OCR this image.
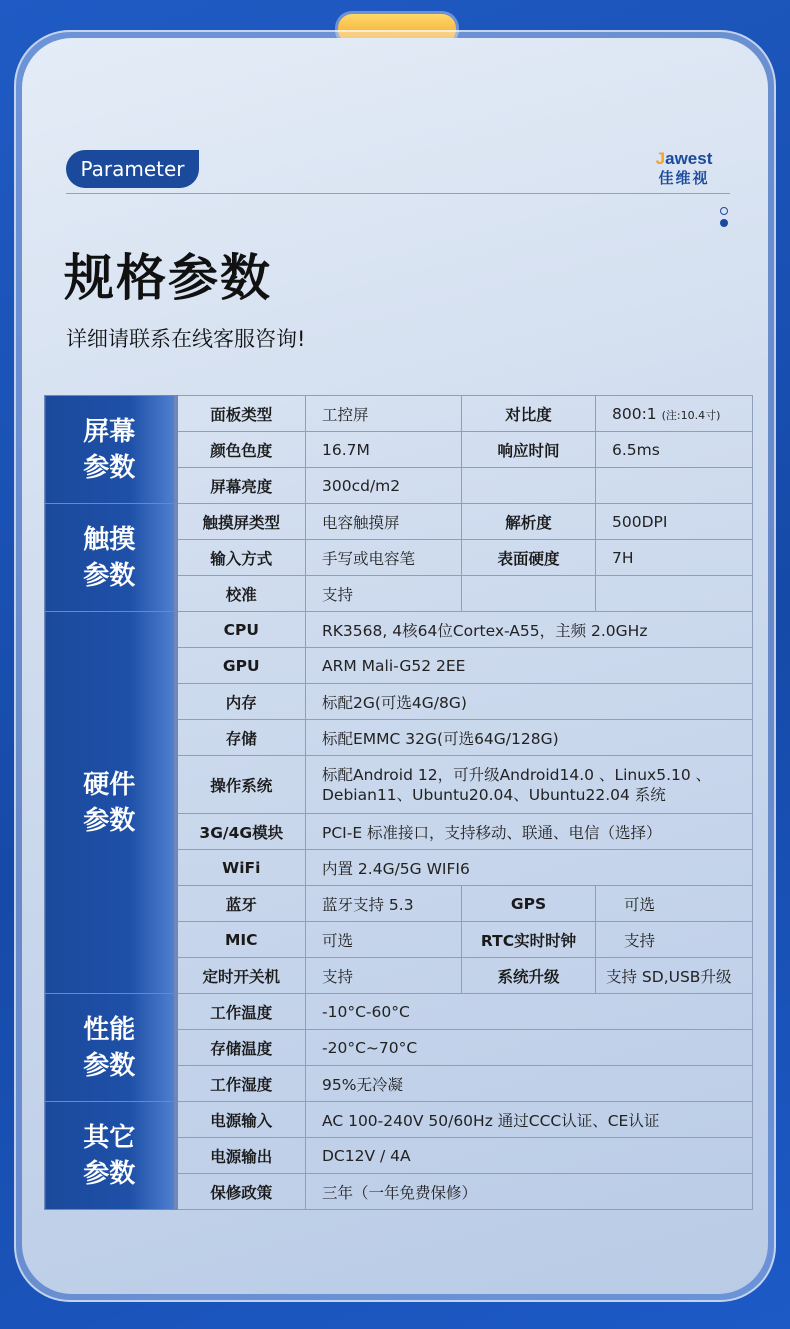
Parameter	Jawest
佳维视
规格参数
详细请联系在线客服咨询!
屏幕
参数	面板类型	工控屏	对比度	800:1 (注:10.4寸)
	颜色色度	16.7M	响应时间	6.5ms
	屏幕亮度	300cd/m2		

触摸
参数	触摸屏类型	电容触摸屏	解析度	500DPI
	输入方式	手写或电容笔	表面硬度	7H
	校准	支持		

硬件
参数	CPU	RK3568, 4核64位Cortex-A55，主频 2.0GHz		
	GPU	ARM Mali-G52 2EE		
	内存	标配2G(可选4G/8G)		
	存储	标配EMMC 32G(可选64G/128G)		
	操作系统	标配Android 12，可升级Android14.0 、Linux5.10 、
Debian11、Ubuntu20.04、Ubuntu22.04 系统		

	3G/4G模块	PCI-E 标准接口，支持移动、联通、电信（选择）		
	WiFi	内置 2.4G/5G WIFI6		
	蓝牙	蓝牙支持 5.3	GPS	可选
	MIC	可选	RTC实时时钟	支持
	定时开关机	支持	系统升级	支持 SD,USB升级

性能
参数	工作温度	-10°C-60°C		
	存储温度	-20°C~70°C		
	工作湿度	95%无冷凝		

其它
参数	电源输入	AC 100-240V 50/60Hz 通过CCC认证、CE认证		
	电源输出	DC12V / 4A		
	保修政策	三年（一年免费保修）		
